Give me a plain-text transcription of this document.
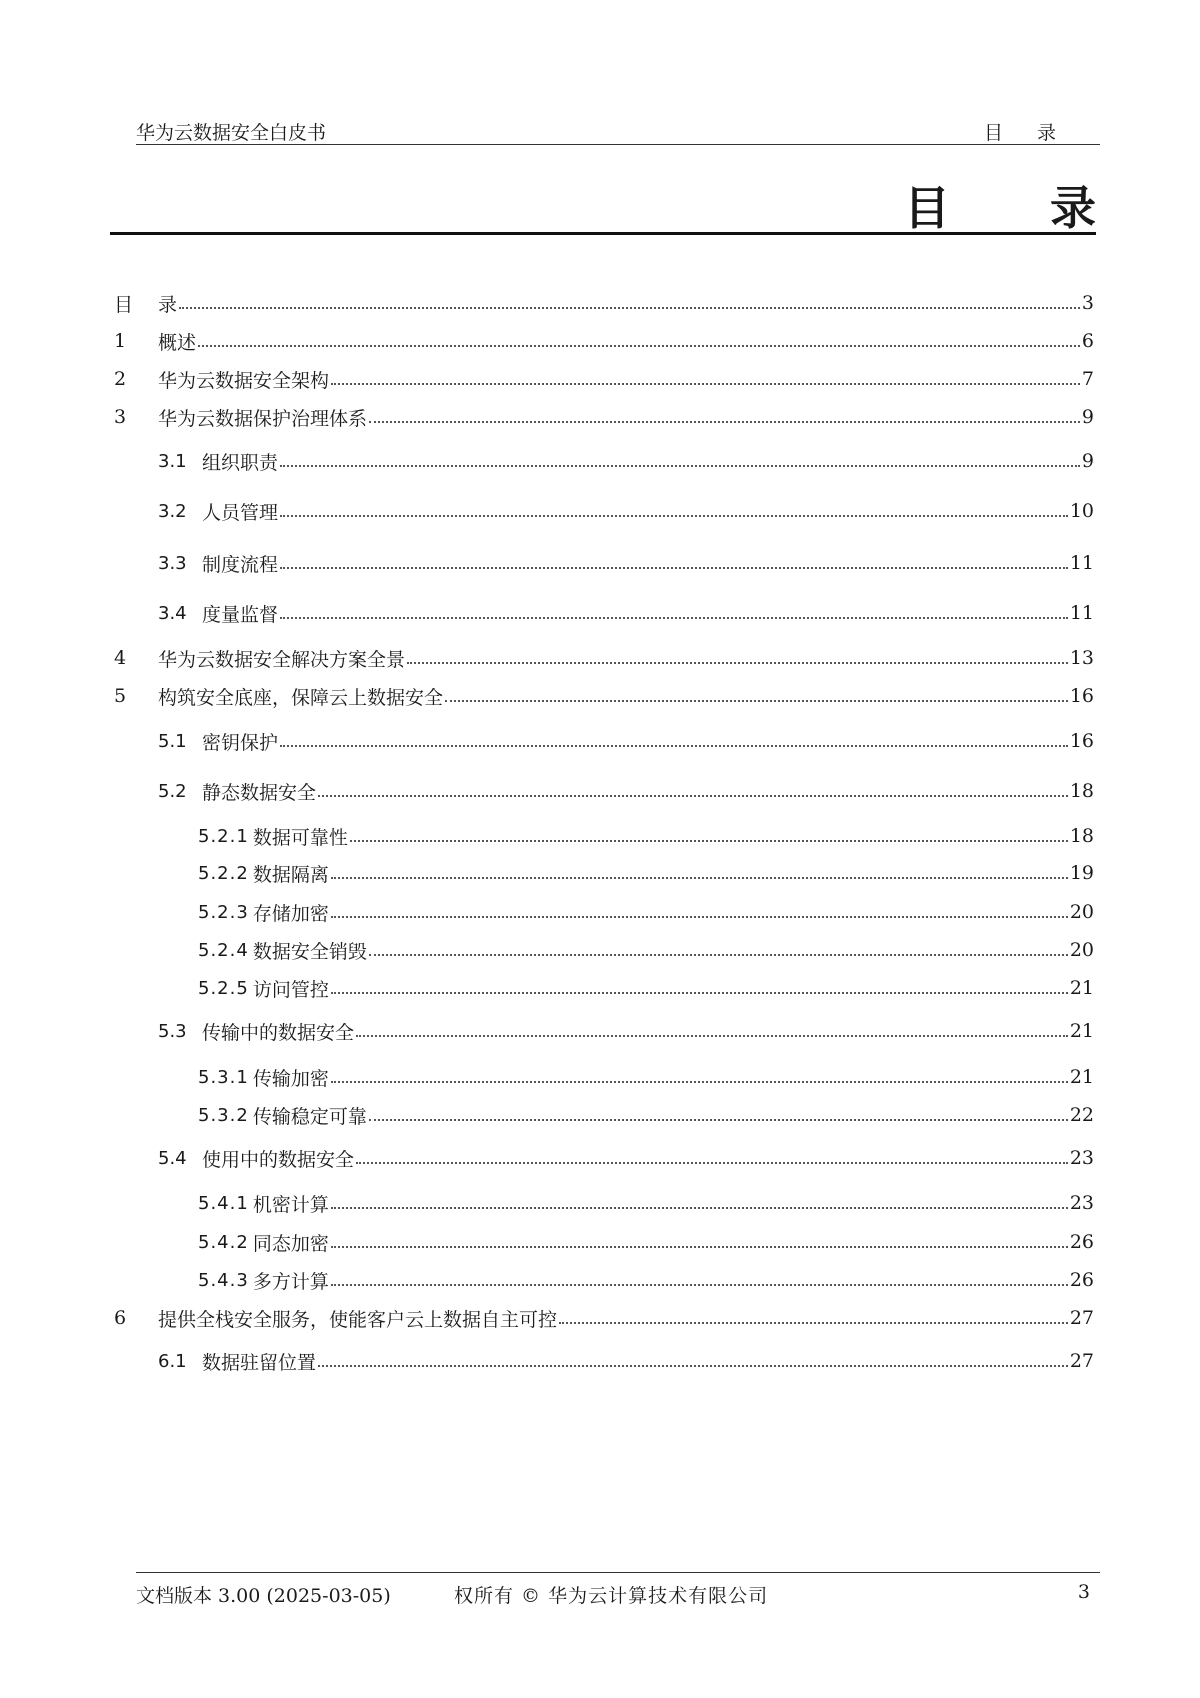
华为云数据安全白皮书	目 录
目 录
目	录	3
1	概述	6
2	华为云数据安全架构	7
3	华为云数据保护治理体系	9
3.1 组织职责	9
3.2 人员管理	10
3.3 制度流程	11
3.4 度量监督	11
4	华为云数据安全解决方案全景	13
5	构筑安全底座，保障云上数据安全	16
5.1 密钥保护	16
5.2 静态数据安全	18
5.2.1 数据可靠性	18
5.2.2 数据隔离	19
5.2.3 存储加密	20
5.2.4 数据安全销毁	20
5.2.5 访问管控	21
5.3 传输中的数据安全	21
5.3.1 传输加密	21
5.3.2 传输稳定可靠	22
5.4 使用中的数据安全	23
5.4.1 机密计算	23
5.4.2 同态加密	26
5.4.3 多方计算	26
6	提供全栈安全服务，使能客户云上数据自主可控	27
6.1 数据驻留位置	27
文档版本 3.00 (2025-03-05)	权所有 © 华为云计算技术有限公司	3
